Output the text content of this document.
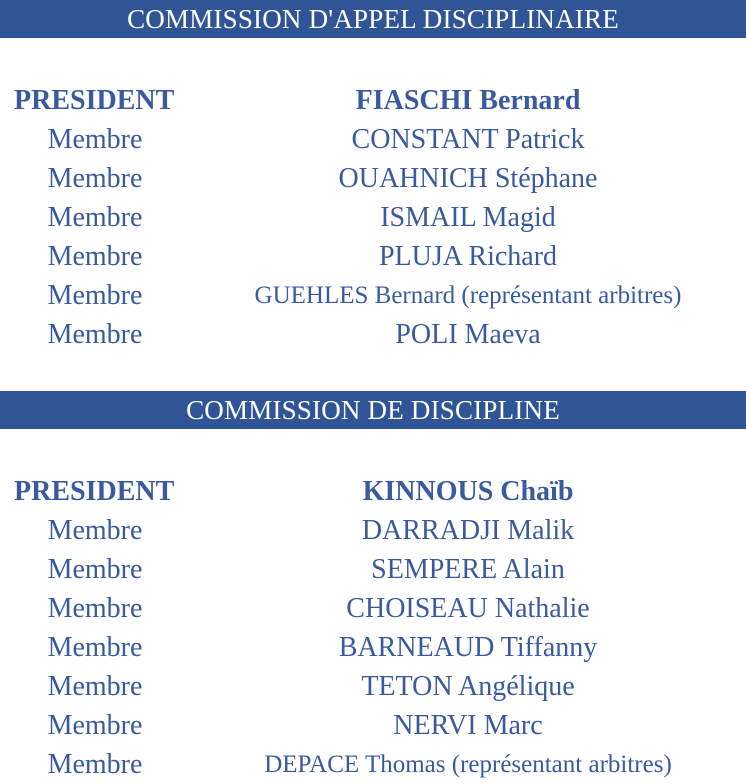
COMMISSION D'APPEL DISCIPLINAIRE
PRESIDENT	FIASCHI Bernard
Membre	CONSTANT Patrick
Membre	OUAHNICH Stéphane
Membre	ISMAIL Magid
Membre	PLUJA Richard
Membre	GUEHLES Bernard (représentant arbitres)
Membre	POLI Maeva
COMMISSION DE DISCIPLINE
PRESIDENT	KINNOUS Chaïb
Membre	DARRADJI Malik
Membre	SEMPERE Alain
Membre	CHOISEAU Nathalie
Membre	BARNEAUD Tiffanny
Membre	TETON Angélique
Membre	NERVI Marc
Membre	DEPACE Thomas (représentant arbitres)
